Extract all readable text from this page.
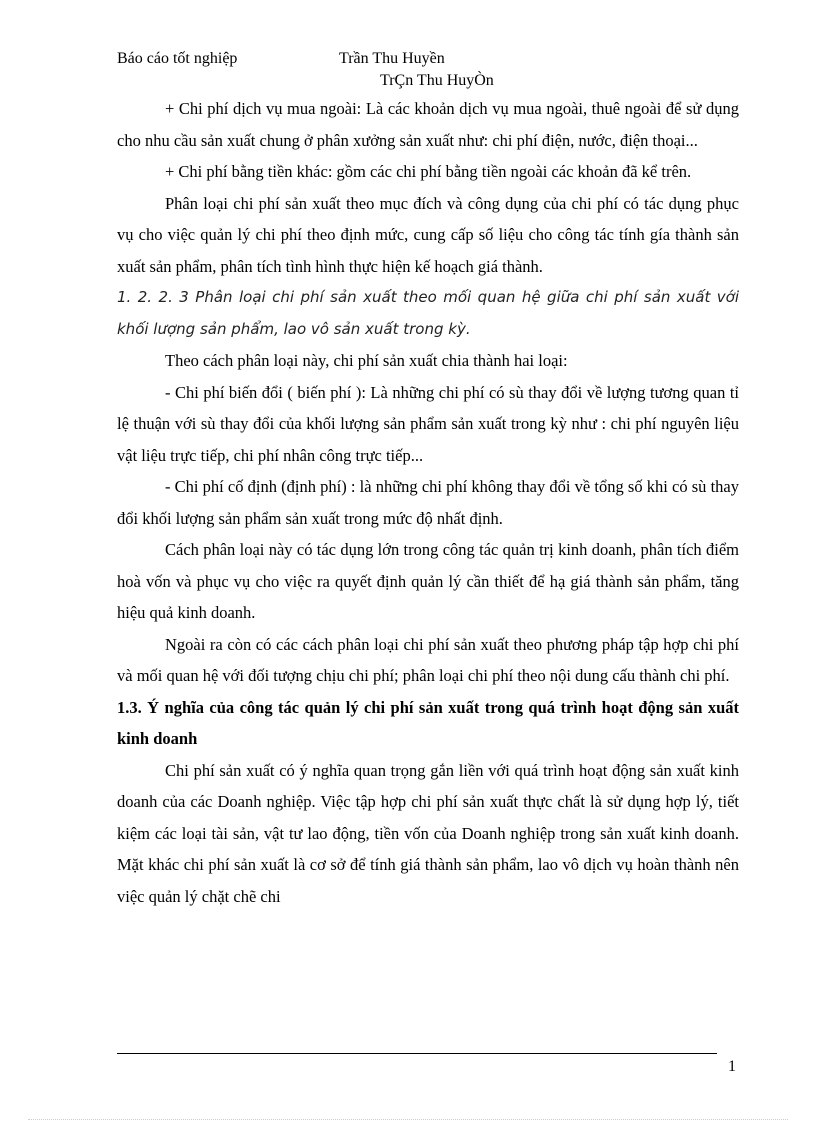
Báo cáo tốt nghiệp	Trần Thu Huyền
TrÇn Thu HuyÒn

+ Chi phí dịch vụ mua ngoài: Là các khoản dịch vụ mua ngoài, thuê ngoài để sử dụng cho nhu cầu sản xuất chung ở phân xưởng sản xuất như: chi phí điện, nước, điện thoại...

+ Chi phí bằng tiền khác: gồm các chi phí bằng tiền ngoài các khoản đã kể trên.

Phân loại chi phí sản xuất theo mục đích và công dụng của chi phí có tác dụng phục vụ cho việc quản lý chi phí theo định mức, cung cấp số liệu cho công tác tính gía thành sản xuất sản phẩm, phân tích tình hình thực hiện kế hoạch giá thành.

1. 2. 2. 3 Phân loại chi phí sản xuất theo mối quan hệ giữa chi phí sản xuất với khối lượng sản phẩm, lao vô sản xuất trong kỳ.

Theo cách phân loại này, chi phí sản xuất chia thành hai loại:

- Chi phí biến đổi ( biến phí ): Là những chi phí có sù thay đổi về lượng tương quan tỉ lệ thuận với sù thay đổi của khối lượng sản phẩm sản xuất trong kỳ như : chi phí nguyên liệu vật liệu trực tiếp, chi phí nhân công trực tiếp...

- Chi phí cố định (định phí) : là những chi phí không thay đổi về tổng số khi có sù thay đổi khối lượng sản phẩm sản xuất trong mức độ nhất định.

Cách phân loại này có tác dụng lớn trong công tác quản trị kinh doanh, phân tích điểm hoà vốn và phục vụ cho việc ra quyết định quản lý cần thiết để hạ giá thành sản phẩm, tăng hiệu quả kinh doanh.

Ngoài ra còn có các cách phân loại chi phí sản xuất theo phương pháp tập hợp chi phí và mối quan hệ với đối tượng chịu chi phí; phân loại chi phí theo nội dung cấu thành chi phí.

1.3. Ý nghĩa của công tác quản lý chi phí sản xuất trong quá trình hoạt động sản xuất kinh doanh

Chi phí sản xuất có ý nghĩa quan trọng gắn liền với quá trình hoạt động sản xuất kinh doanh của các Doanh nghiệp. Việc tập hợp chi phí sản xuất thực chất là sử dụng hợp lý, tiết kiệm các loại tài sản, vật tư lao động, tiền vốn của Doanh nghiệp trong sản xuất kinh doanh. Mặt khác chi phí sản xuất là cơ sở để tính giá thành sản phẩm, lao vô dịch vụ hoàn thành nên việc quản lý chặt chẽ chi

1
